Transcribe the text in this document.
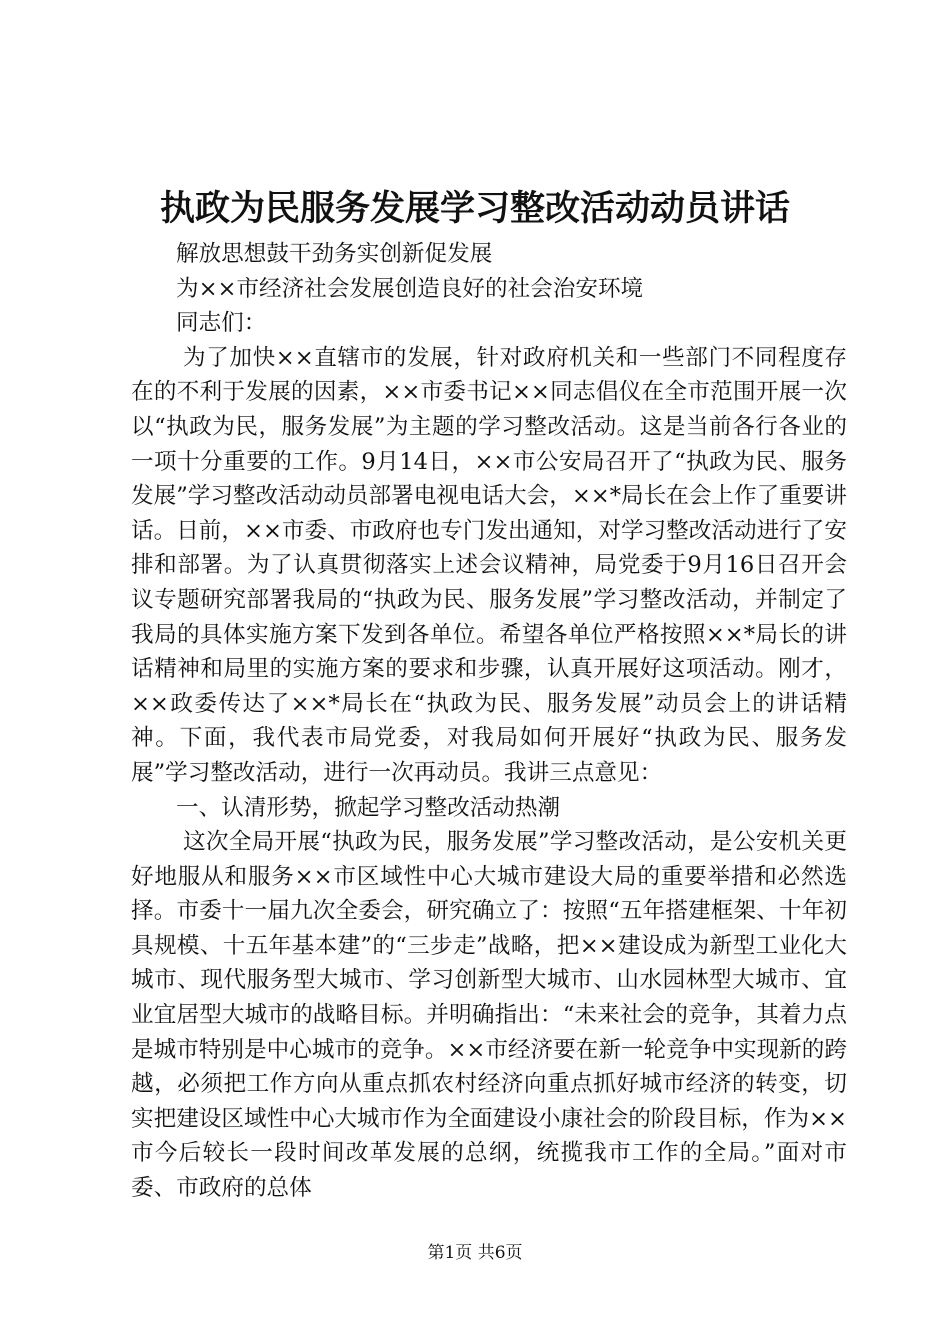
执政为民服务发展学习整改活动动员讲话

解放思想鼓干劲务实创新促发展

为××市经济社会发展创造良好的社会治安环境

同志们：

为了加快××直辖市的发展，针对政府机关和一些部门不同程度存在的不利于发展的因素，××市委书记××同志倡仪在全市范围开展一次以“执政为民，服务发展”为主题的学习整改活动。这是当前各行各业的一项十分重要的工作。9月14日，××市公安局召开了“执政为民、服务发展”学习整改活动动员部署电视电话大会，××*局长在会上作了重要讲话。日前，××市委、市政府也专门发出通知，对学习整改活动进行了安排和部署。为了认真贯彻落实上述会议精神，局党委于9月16日召开会议专题研究部署我局的“执政为民、服务发展”学习整改活动，并制定了我局的具体实施方案下发到各单位。希望各单位严格按照××*局长的讲话精神和局里的实施方案的要求和步骤，认真开展好这项活动。刚才，××政委传达了××*局长在“执政为民、服务发展”动员会上的讲话精神。下面，我代表市局党委，对我局如何开展好“执政为民、服务发展”学习整改活动，进行一次再动员。我讲三点意见：

一、认清形势，掀起学习整改活动热潮

这次全局开展“执政为民，服务发展”学习整改活动，是公安机关更好地服从和服务××市区域性中心大城市建设大局的重要举措和必然选择。市委十一届九次全委会，研究确立了：按照“五年搭建框架、十年初具规模、十五年基本建”的“三步走”战略，把××建设成为新型工业化大城市、现代服务型大城市、学习创新型大城市、山水园林型大城市、宜业宜居型大城市的战略目标。并明确指出：“未来社会的竞争，其着力点是城市特别是中心城市的竞争。××市经济要在新一轮竞争中实现新的跨越，必须把工作方向从重点抓农村经济向重点抓好城市经济的转变，切实把建设区域性中心大城市作为全面建设小康社会的阶段目标，作为××市今后较长一段时间改革发展的总纲，统揽我市工作的全局。”面对市委、市政府的总体

第1页 共6页
